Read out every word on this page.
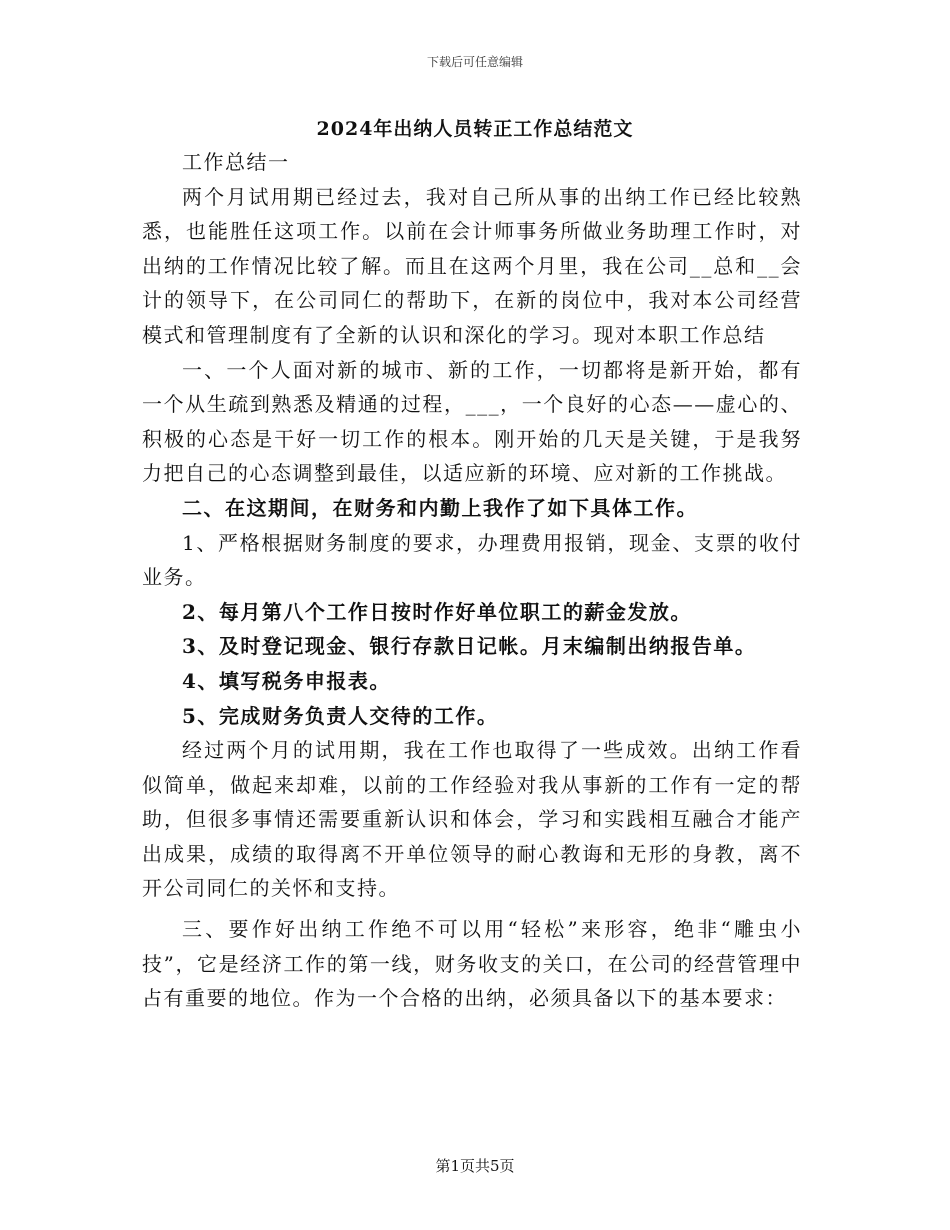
下载后可任意编辑
2024年出纳人员转正工作总结范文

工作总结一

两个月试用期已经过去，我对自己所从事的出纳工作已经比较熟悉，也能胜任这项工作。以前在会计师事务所做业务助理工作时，对出纳的工作情况比较了解。而且在这两个月里，我在公司__总和__会计的领导下，在公司同仁的帮助下，在新的岗位中，我对本公司经营模式和管理制度有了全新的认识和深化的学习。现对本职工作总结

一、一个人面对新的城市、新的工作，一切都将是新开始，都有一个从生疏到熟悉及精通的过程，___，一个良好的心态——虚心的、积极的心态是干好一切工作的根本。刚开始的几天是关键，于是我努力把自己的心态调整到最佳，以适应新的环境、应对新的工作挑战。

二、在这期间，在财务和内勤上我作了如下具体工作。

1、严格根据财务制度的要求，办理费用报销，现金、支票的收付业务。

2、每月第八个工作日按时作好单位职工的薪金发放。

3、及时登记现金、银行存款日记帐。月末编制出纳报告单。

4、填写税务申报表。

5、完成财务负责人交待的工作。

经过两个月的试用期，我在工作也取得了一些成效。出纳工作看似简单，做起来却难，以前的工作经验对我从事新的工作有一定的帮助，但很多事情还需要重新认识和体会，学习和实践相互融合才能产出成果，成绩的取得离不开单位领导的耐心教诲和无形的身教，离不开公司同仁的关怀和支持。

三、要作好出纳工作绝不可以用“轻松”来形容，绝非“雕虫小技”，它是经济工作的第一线，财务收支的关口，在公司的经营管理中占有重要的地位。作为一个合格的出纳，必须具备以下的基本要求：

第1页共5页
